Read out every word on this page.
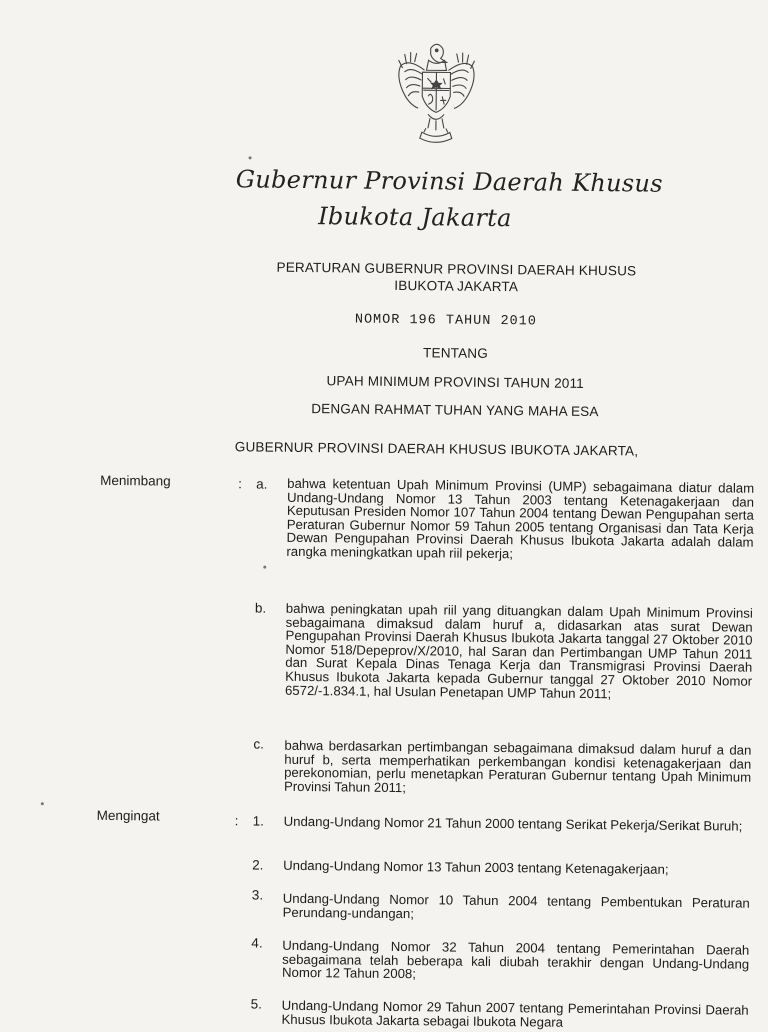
Gubernur Provinsi Daerah Khusus
Ibukota Jakarta
PERATURAN GUBERNUR PROVINSI DAERAH KHUSUS
IBUKOTA JAKARTA
NOMOR 196 TAHUN 2010
TENTANG
UPAH MINIMUM PROVINSI TAHUN 2011
DENGAN RAHMAT TUHAN YANG MAHA ESA
GUBERNUR PROVINSI DAERAH KHUSUS IBUKOTA JAKARTA,
Menimbang	: a. bahwa ketentuan Upah Minimum Provinsi (UMP) sebagaimana diatur dalam Undang-Undang Nomor 13 Tahun 2003 tentang Ketenagakerjaan dan Keputusan Presiden Nomor 107 Tahun 2004 tentang Dewan Pengupahan serta Peraturan Gubernur Nomor 59 Tahun 2005 tentang Organisasi dan Tata Kerja Dewan Pengupahan Provinsi Daerah Khusus Ibukota Jakarta adalah dalam rangka meningkatkan upah riil pekerja;
b. bahwa peningkatan upah riil yang dituangkan dalam Upah Minimum Provinsi sebagaimana dimaksud dalam huruf a, didasarkan atas surat Dewan Pengupahan Provinsi Daerah Khusus Ibukota Jakarta tanggal 27 Oktober 2010 Nomor 518/Depeprov/X/2010, hal Saran dan Pertimbangan UMP Tahun 2011 dan Surat Kepala Dinas Tenaga Kerja dan Transmigrasi Provinsi Daerah Khusus Ibukota Jakarta kepada Gubernur tanggal 27 Oktober 2010 Nomor 6572/-1.834.1, hal Usulan Penetapan UMP Tahun 2011;
c. bahwa berdasarkan pertimbangan sebagaimana dimaksud dalam huruf a dan huruf b, serta memperhatikan perkembangan kondisi ketenagakerjaan dan perekonomian, perlu menetapkan Peraturan Gubernur tentang Upah Minimum Provinsi Tahun 2011;
Mengingat	: 1. Undang-Undang Nomor 21 Tahun 2000 tentang Serikat Pekerja/Serikat Buruh;
2. Undang-Undang Nomor 13 Tahun 2003 tentang Ketenagakerjaan;
3. Undang-Undang Nomor 10 Tahun 2004 tentang Pembentukan Peraturan Perundang-undangan;
4. Undang-Undang Nomor 32 Tahun 2004 tentang Pemerintahan Daerah sebagaimana telah beberapa kali diubah terakhir dengan Undang-Undang Nomor 12 Tahun 2008;
5. Undang-Undang Nomor 29 Tahun 2007 tentang Pemerintahan Provinsi Daerah Khusus Ibukota Jakarta sebagai Ibukota Negara
